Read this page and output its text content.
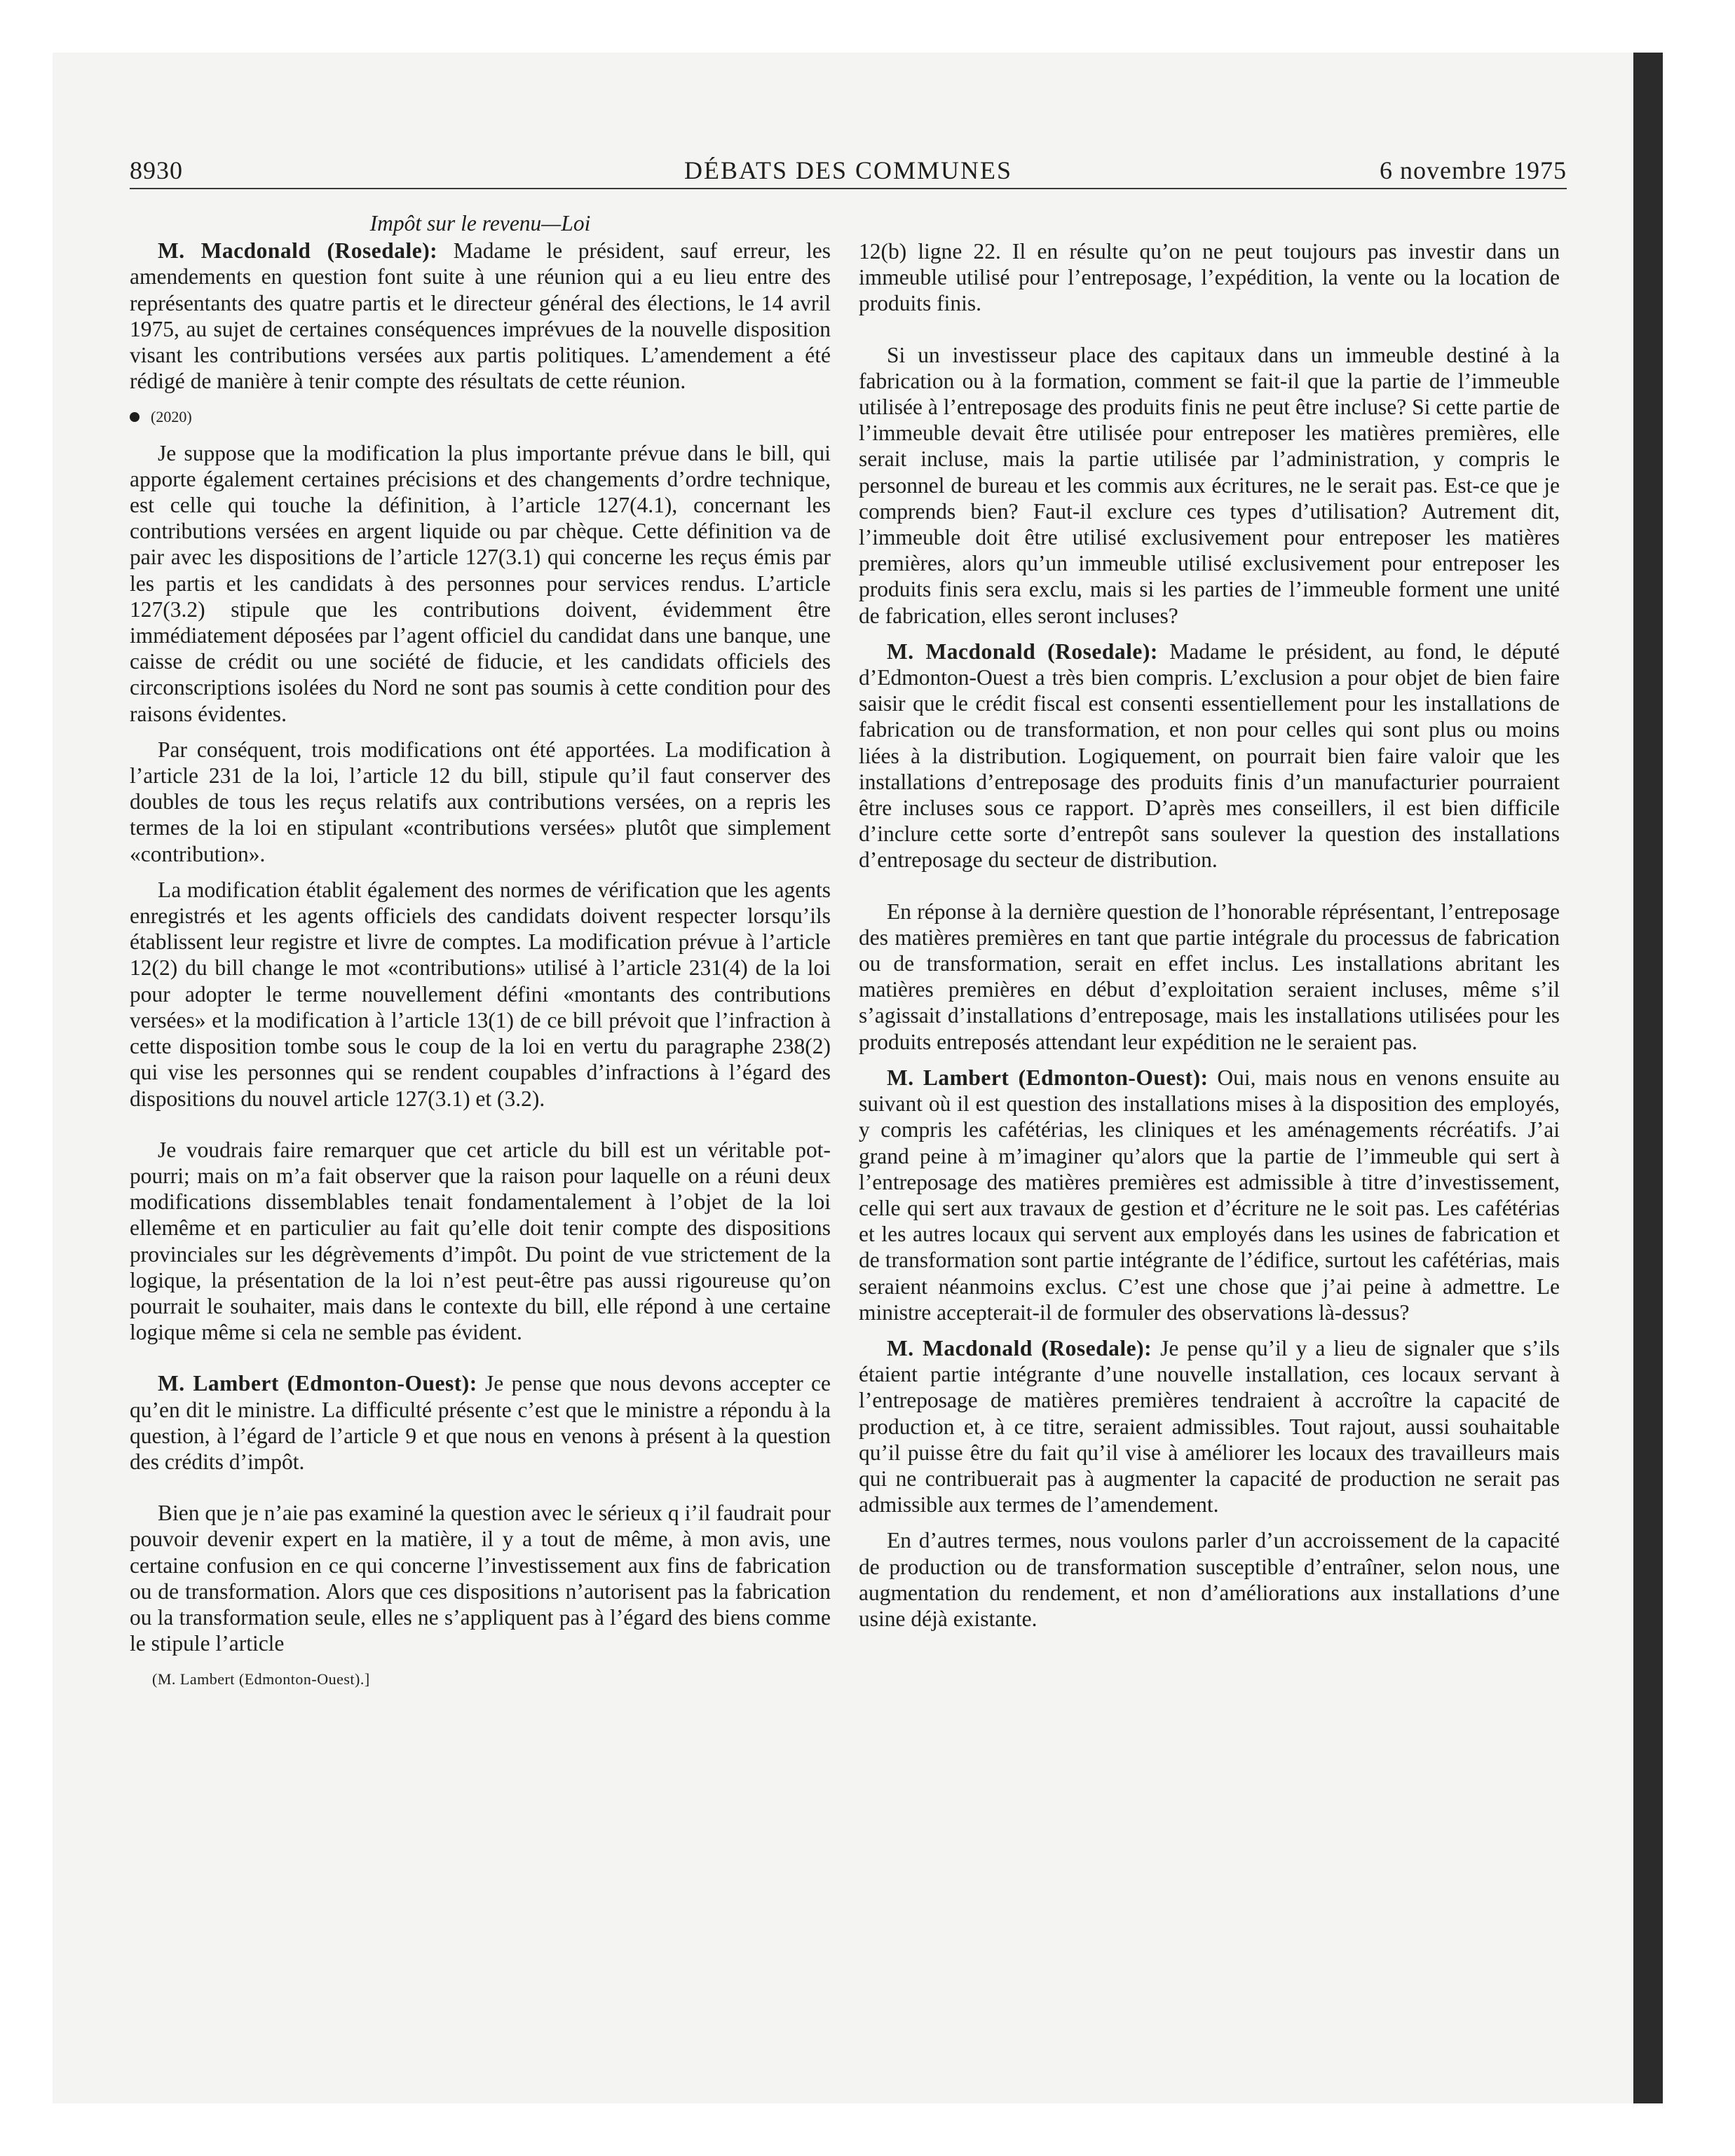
8930	DÉBATS DES COMMUNES	6 novembre 1975
Impôt sur le revenu—Loi

M. Macdonald (Rosedale): Madame le président, sauf erreur, les amendements en question font suite à une réunion qui a eu lieu entre des représentants des quatre partis et le directeur général des élections, le 14 avril 1975, au sujet de certaines conséquences imprévues de la nouvelle disposition visant les contributions versées aux partis politiques. L’amendement a été rédigé de manière à tenir compte des résultats de cette réunion.

(2020)

Je suppose que la modification la plus importante prévue dans le bill, qui apporte également certaines précisions et des changements d’ordre technique, est celle qui touche la définition, à l’article 127(4.1), concernant les contributions versées en argent liquide ou par chèque. Cette définition va de pair avec les dispositions de l’article 127(3.1) qui concerne les reçus émis par les partis et les candidats à des personnes pour services rendus. L’article 127(3.2) stipule que les contributions doivent, évidemment être immédiatement déposées par l’agent officiel du candidat dans une banque, une caisse de crédit ou une société de fiducie, et les candidats officiels des circonscriptions isolées du Nord ne sont pas soumis à cette condition pour des raisons évidentes.

Par conséquent, trois modifications ont été apportées. La modification à l’article 231 de la loi, l’article 12 du bill, stipule qu’il faut conserver des doubles de tous les reçus relatifs aux contributions versées, on a repris les termes de la loi en stipulant «contributions versées» plutôt que simplement «contribution».

La modification établit également des normes de vérification que les agents enregistrés et les agents officiels des candidats doivent respecter lorsqu’ils établissent leur registre et livre de comptes. La modification prévue à l’article 12(2) du bill change le mot «contributions» utilisé à l’article 231(4) de la loi pour adopter le terme nouvellement défini «montants des contributions versées» et la modification à l’article 13(1) de ce bill prévoit que l’infraction à cette disposition tombe sous le coup de la loi en vertu du paragraphe 238(2) qui vise les personnes qui se rendent coupables d’infractions à l’égard des dispositions du nouvel article 127(3.1) et (3.2).

Je voudrais faire remarquer que cet article du bill est un véritable pot-pourri; mais on m’a fait observer que la raison pour laquelle on a réuni deux modifications dissemblables tenait fondamentalement à l’objet de la loi ellemême et en particulier au fait qu’elle doit tenir compte des dispositions provinciales sur les dégrèvements d’impôt. Du point de vue strictement de la logique, la présentation de la loi n’est peut-être pas aussi rigoureuse qu’on pourrait le souhaiter, mais dans le contexte du bill, elle répond à une certaine logique même si cela ne semble pas évident.

M. Lambert (Edmonton-Ouest): Je pense que nous devons accepter ce qu’en dit le ministre. La difficulté présente c’est que le ministre a répondu à la question, à l’égard de l’article 9 et que nous en venons à présent à la question des crédits d’impôt.

Bien que je n’aie pas examiné la question avec le sérieux q i’il faudrait pour pouvoir devenir expert en la matière, il y a tout de même, à mon avis, une certaine confusion en ce qui concerne l’investissement aux fins de fabrication ou de transformation. Alors que ces dispositions n’autorisent pas la fabrication ou la transformation seule, elles ne s’appliquent pas à l’égard des biens comme le stipule l’article

(M. Lambert (Edmonton-Ouest).]

12(b) ligne 22. Il en résulte qu’on ne peut toujours pas investir dans un immeuble utilisé pour l’entreposage, l’expédition, la vente ou la location de produits finis.

Si un investisseur place des capitaux dans un immeuble destiné à la fabrication ou à la formation, comment se fait-il que la partie de l’immeuble utilisée à l’entreposage des produits finis ne peut être incluse? Si cette partie de l’immeuble devait être utilisée pour entreposer les matières premières, elle serait incluse, mais la partie utilisée par l’administration, y compris le personnel de bureau et les commis aux écritures, ne le serait pas. Est-ce que je comprends bien? Faut-il exclure ces types d’utilisation? Autrement dit, l’immeuble doit être utilisé exclusivement pour entreposer les matières premières, alors qu’un immeuble utilisé exclusivement pour entreposer les produits finis sera exclu, mais si les parties de l’immeuble forment une unité de fabrication, elles seront incluses?

M. Macdonald (Rosedale): Madame le président, au fond, le député d’Edmonton-Ouest a très bien compris. L’exclusion a pour objet de bien faire saisir que le crédit fiscal est consenti essentiellement pour les installations de fabrication ou de transformation, et non pour celles qui sont plus ou moins liées à la distribution. Logiquement, on pourrait bien faire valoir que les installations d’entreposage des produits finis d’un manufacturier pourraient être incluses sous ce rapport. D’après mes conseillers, il est bien difficile d’inclure cette sorte d’entrepôt sans soulever la question des installations d’entreposage du secteur de distribution.

En réponse à la dernière question de l’honorable réprésentant, l’entreposage des matières premières en tant que partie intégrale du processus de fabrication ou de transformation, serait en effet inclus. Les installations abritant les matières premières en début d’exploitation seraient incluses, même s’il s’agissait d’installations d’entreposage, mais les installations utilisées pour les produits entreposés attendant leur expédition ne le seraient pas.

M. Lambert (Edmonton-Ouest): Oui, mais nous en venons ensuite au suivant où il est question des installations mises à la disposition des employés, y compris les cafétérias, les cliniques et les aménagements récréatifs. J’ai grand peine à m’imaginer qu’alors que la partie de l’immeuble qui sert à l’entreposage des matières premières est admissible à titre d’investissement, celle qui sert aux travaux de gestion et d’écriture ne le soit pas. Les cafétérias et les autres locaux qui servent aux employés dans les usines de fabrication et de transformation sont partie intégrante de l’édifice, surtout les cafétérias, mais seraient néanmoins exclus. C’est une chose que j’ai peine à admettre. Le ministre accepterait-il de formuler des observations là-dessus?

M. Macdonald (Rosedale): Je pense qu’il y a lieu de signaler que s’ils étaient partie intégrante d’une nouvelle installation, ces locaux servant à l’entreposage de matières premières tendraient à accroître la capacité de production et, à ce titre, seraient admissibles. Tout rajout, aussi souhaitable qu’il puisse être du fait qu’il vise à améliorer les locaux des travailleurs mais qui ne contribuerait pas à augmenter la capacité de production ne serait pas admissible aux termes de l’amendement.

En d’autres termes, nous voulons parler d’un accroissement de la capacité de production ou de transformation susceptible d’entraîner, selon nous, une augmentation du rendement, et non d’améliorations aux installations d’une usine déjà existante.
